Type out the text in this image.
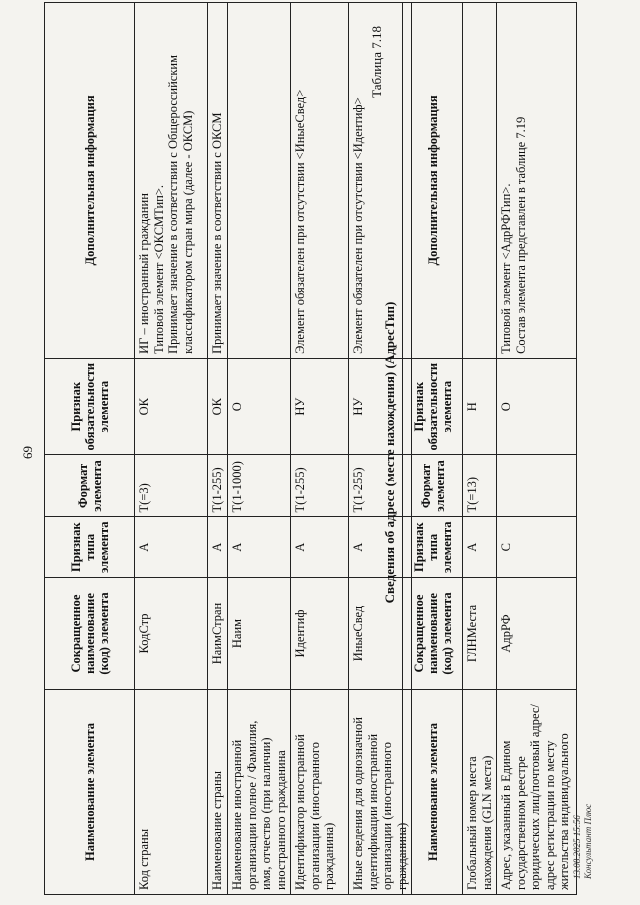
69
Наименование элемента	Сокращенное наименование (код) элемента	Признак типа элемента	Формат элемента	Признак обязательности элемента	Дополнительная информация
Код страны	КодСтр	А	T(=3)	ОК	ИГ – иностранный гражданин
Типовой элемент <ОКСМТип>.
Принимает значение в соответствии с Общероссийским классификатором стран мира (далее - ОКСМ)
Наименование страны	НаимСтран	А	T(1-255)	ОК	Принимает значение в соответствии с ОКСМ
Наименование иностранной организации полное / Фамилия, имя, отчество (при наличии) иностранного гражданина	Наим	А	T(1-1000)	О	
Идентификатор иностранной организации (иностранного гражданина)	Идентиф	А	T(1-255)	НУ	Элемент обязателен при отсутствии <ИныеСвед>
Иные сведения для однозначной идентификации иностранной организации (иностранного гражданина)	ИныеСвед	А	T(1-255)	НУ	Элемент обязателен при отсутствии <Идентиф>
Таблица 7.18
Сведения об адресе (месте нахождения) (АдресТип)
Наименование элемента	Сокращенное наименование (код) элемента	Признак типа элемента	Формат элемента	Признак обязательности элемента	Дополнительная информация
Глобальный номер места нахождения (GLN места)	ГЛНМеста	А	T(=13)	Н	
Адрес, указанный в Едином государственном реестре юридических лиц/почтовый адрес/адрес регистрации по месту жительства индивидуального	АдрРФ	С		О	Типовой элемент <АдрРФТип>.
Состав элемента представлен в таблице 7.19
13.08.2025 15:56 Консультант Плюс
